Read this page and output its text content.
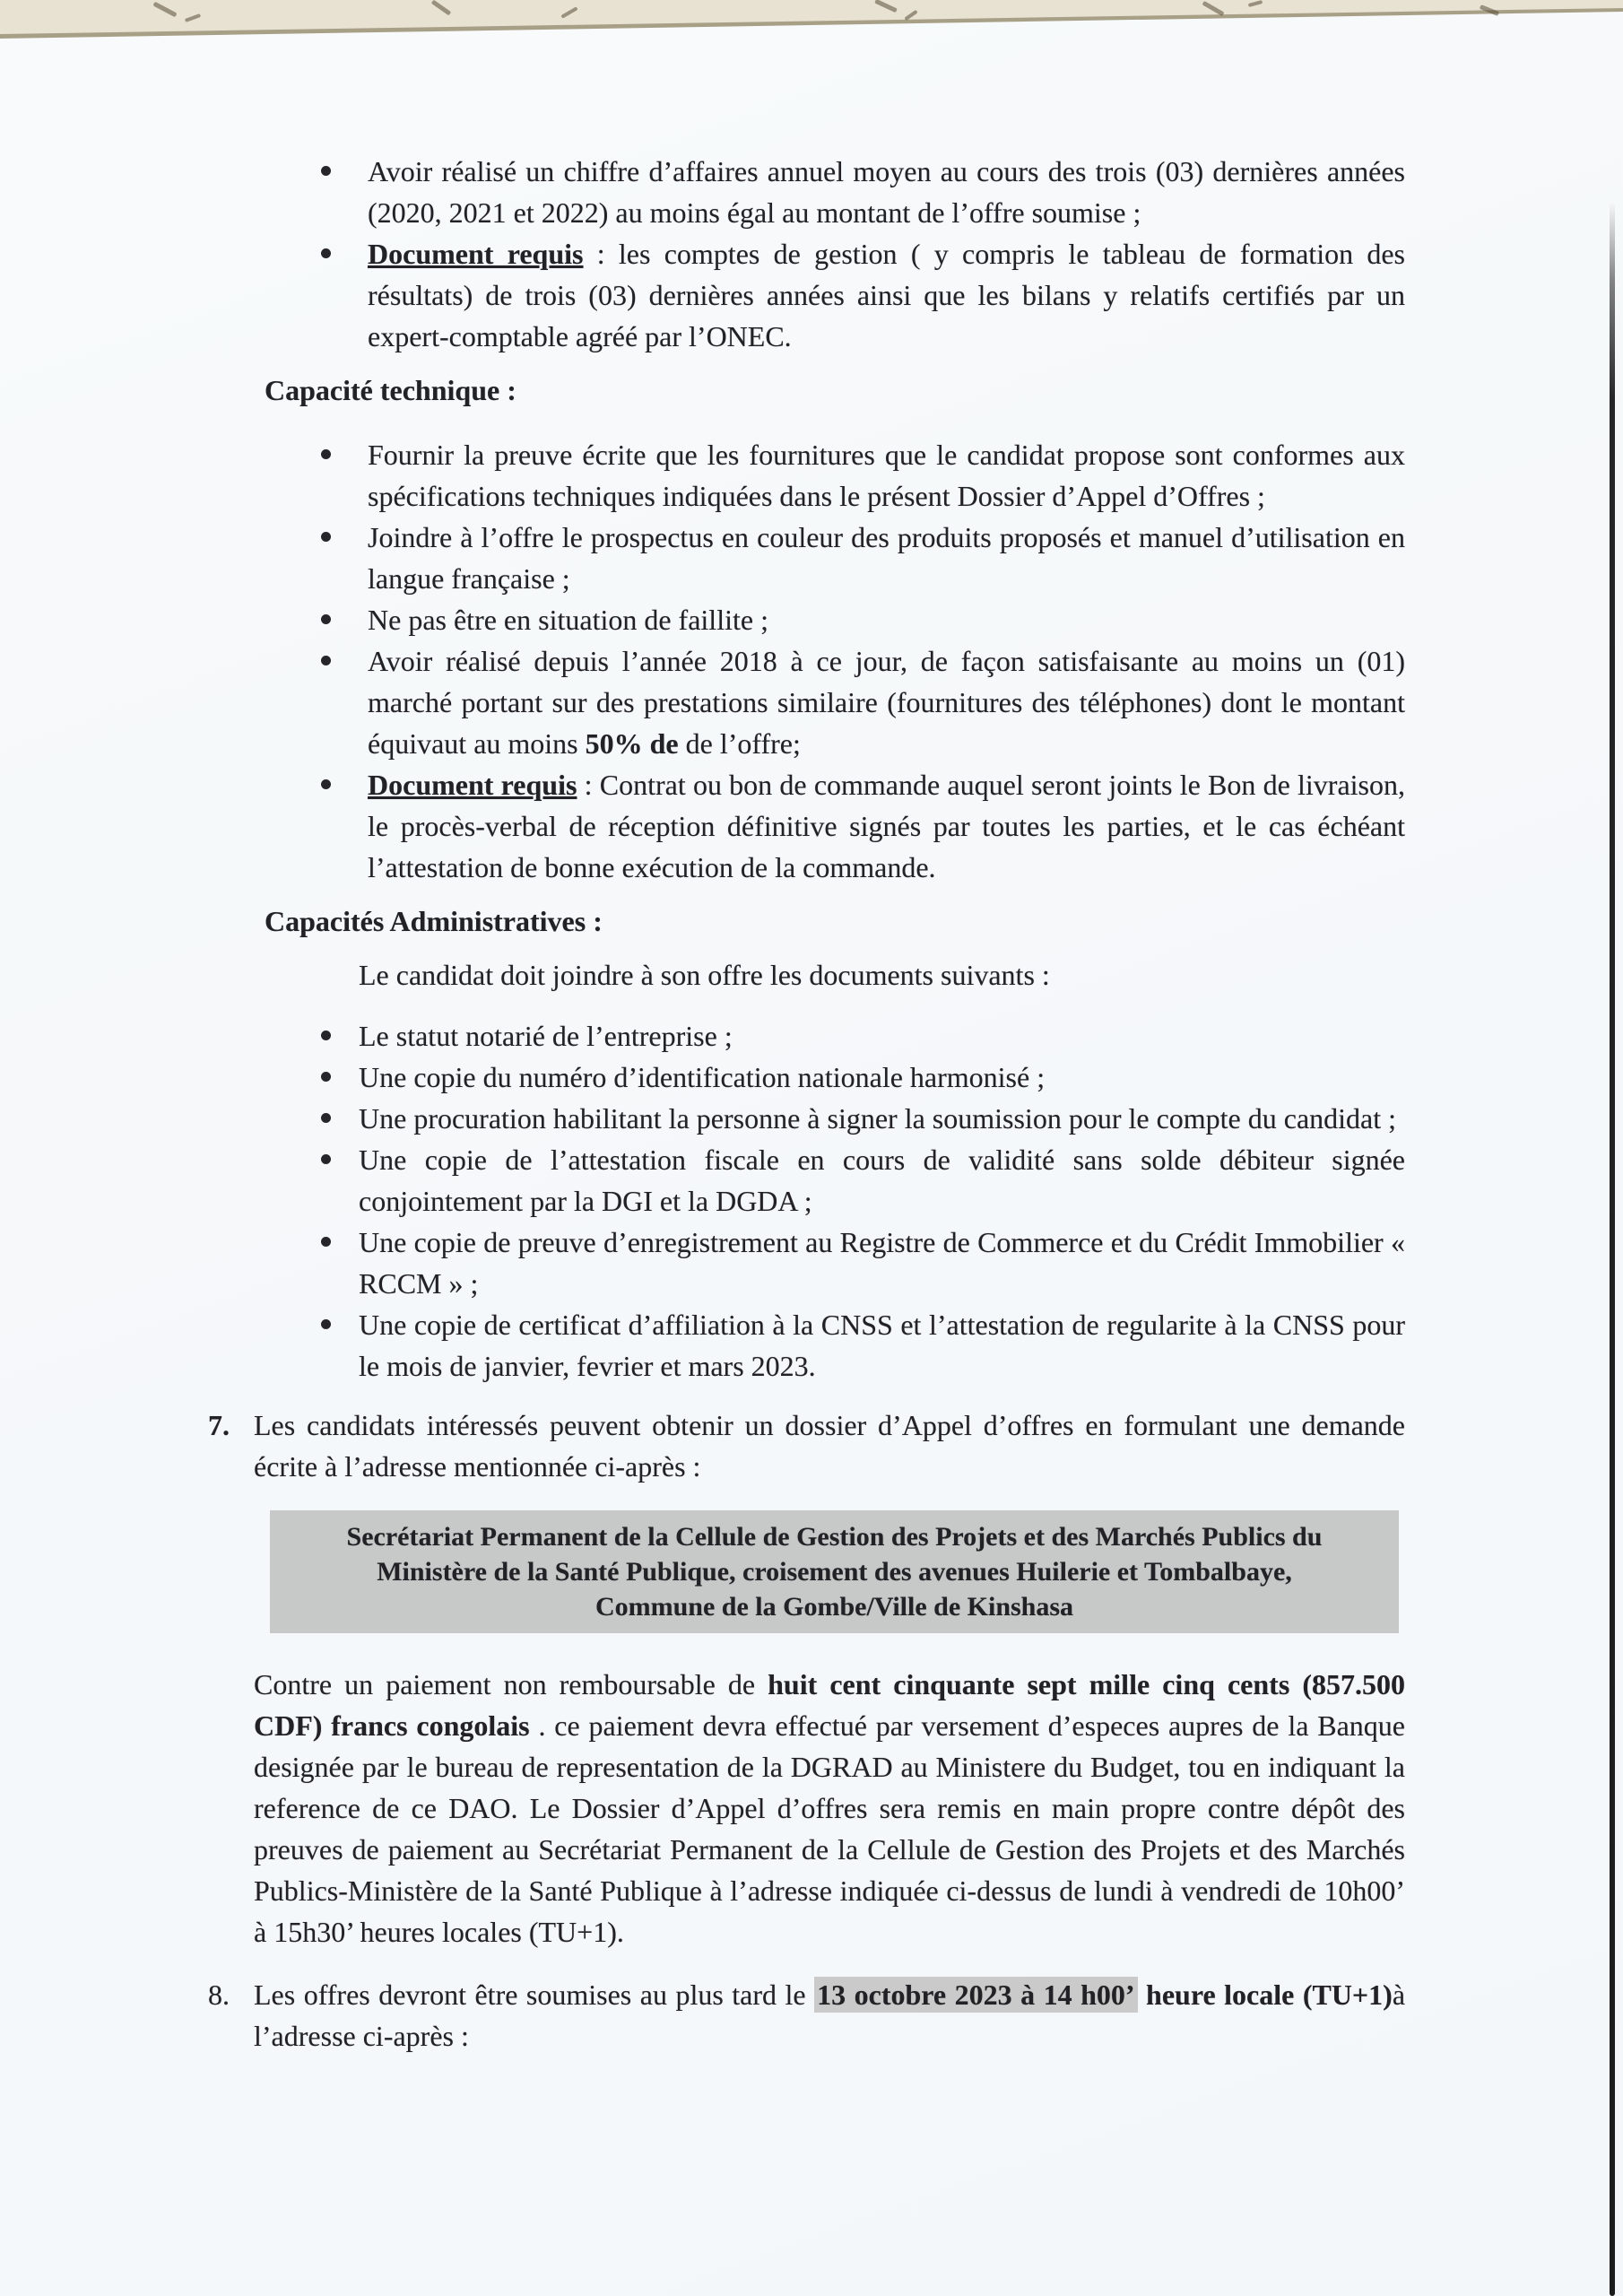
Avoir réalisé un chiffre d’affaires annuel moyen au cours des trois (03) dernières années (2020, 2021 et 2022) au moins égal au montant de l’offre soumise ;
Document requis : les comptes de gestion ( y compris le tableau de formation des résultats) de trois (03) dernières années ainsi que les bilans y relatifs certifiés par un expert-comptable agréé par l’ONEC.
Capacité technique :
Fournir la preuve écrite que les fournitures que le candidat propose sont conformes aux spécifications techniques indiquées dans le présent Dossier d’Appel d’Offres ;
Joindre à l’offre le prospectus en couleur des produits proposés et manuel d’utilisation en langue française ;
Ne pas être en situation de faillite ;
Avoir réalisé depuis l’année 2018 à ce jour, de façon satisfaisante au moins un (01) marché portant sur des prestations similaire (fournitures des téléphones) dont le montant équivaut au moins 50% de de l’offre;
Document requis : Contrat ou bon de commande auquel seront joints le Bon de livraison, le procès-verbal de réception définitive signés par toutes les parties, et le cas échéant l’attestation de bonne exécution de la commande.
Capacités Administratives :
Le candidat doit joindre à son offre les documents suivants :
Le statut notarié de l’entreprise ;
Une copie du numéro d’identification nationale harmonisé ;
Une procuration habilitant la personne à signer la soumission pour le compte du candidat ;
Une copie de l’attestation fiscale en cours de validité sans solde débiteur signée conjointement par la DGI et la DGDA ;
Une copie de preuve d’enregistrement au Registre de Commerce et du Crédit Immobilier « RCCM » ;
Une copie de certificat d’affiliation à la CNSS et l’attestation de regularite à la CNSS pour le mois de janvier, fevrier et mars 2023.
7. Les candidats intéressés peuvent obtenir un dossier d’Appel d’offres en formulant une demande écrite à l’adresse mentionnée ci-après :
Secrétariat Permanent de la Cellule de Gestion des Projets et des Marchés Publics du
Ministère de la Santé Publique, croisement des avenues Huilerie et Tombalbaye,
Commune de la Gombe/Ville de Kinshasa
Contre un paiement non remboursable de huit cent cinquante sept mille cinq cents (857.500 CDF) francs congolais . ce paiement devra effectué par versement d’especes aupres de la Banque designée par le bureau de representation de la DGRAD au Ministere du Budget, tou en indiquant la reference de ce DAO. Le Dossier d’Appel d’offres sera remis en main propre contre dépôt des preuves de paiement au Secrétariat Permanent de la Cellule de Gestion des Projets et des Marchés Publics-Ministère de la Santé Publique à l’adresse indiquée ci-dessus de lundi à vendredi de 10h00’ à 15h30’ heures locales (TU+1).
8. Les offres devront être soumises au plus tard le 13 octobre 2023 à 14 h00’ heure locale (TU+1)à l’adresse ci-après :
